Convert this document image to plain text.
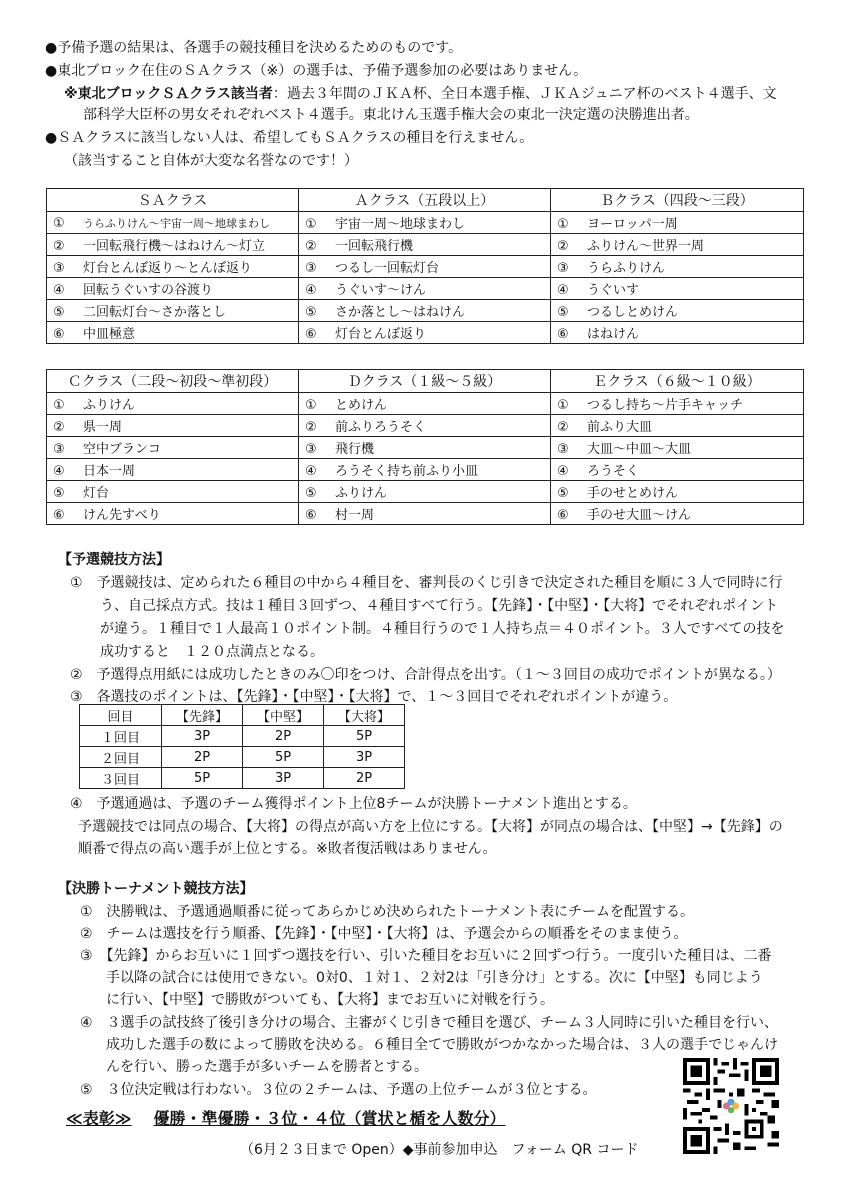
●予備予選の結果は、各選手の競技種目を決めるためのものです。
●東北ブロック在住のＳＡクラス（※）の選手は、予備予選参加の必要はありません。
※東北ブロックＳＡクラス該当者：過去３年間のＪＫＡ杯、全日本選手権、ＪＫＡジュニア杯のベスト４選手、文
部科学大臣杯の男女それぞれベスト４選手。東北けん玉選手権大会の東北一決定選の決勝進出者。
●ＳＡクラスに該当しない人は、希望してもＳＡクラスの種目を行えません。
（該当すること自体が大変な名誉なのです！）
ＳＡクラス	Ａクラス（五段以上）	Ｂクラス（四段～三段）
① うらふりけん～宇宙一周～地球まわし	① 宇宙一周～地球まわし	① ヨーロッパ一周
② 一回転飛行機～はねけん～灯立	② 一回転飛行機	② ふりけん～世界一周
③ 灯台とんぼ返り～とんぼ返り	③ つるし一回転灯台	③ うらふりけん
④ 回転うぐいすの谷渡り	④ うぐいす～けん	④ うぐいす
⑤ 二回転灯台～さか落とし	⑤ さか落とし～はねけん	⑤ つるしとめけん
⑥ 中皿極意	⑥ 灯台とんぼ返り	⑥ はねけん
Ｃクラス（二段～初段～準初段）	Ｄクラス（１級～５級）	Ｅクラス（６級～１０級）
① ふりけん	① とめけん	① つるし持ち～片手キャッチ
② 県一周	② 前ふりろうそく	② 前ふり大皿
③ 空中ブランコ	③ 飛行機	③ 大皿～中皿～大皿
④ 日本一周	④ ろうそく持ち前ふり小皿	④ ろうそく
⑤ 灯台	⑤ ふりけん	⑤ 手のせとめけん
⑥ けん先すべり	⑥ 村一周	⑥ 手のせ大皿～けん
【予選競技方法】
①　予選競技は、定められた６種目の中から４種目を、審判長のくじ引きで決定された種目を順に３人で同時に行
う、自己採点方式。技は１種目３回ずつ、４種目すべて行う。【先鋒】・【中堅】・【大将】でそれぞれポイント
が違う。１種目で１人最高１０ポイント制。４種目行うので１人持ち点＝４０ポイント。３人ですべての技を
成功すると　１２０点満点となる。
②　予選得点用紙には成功したときのみ〇印をつけ、合計得点を出す。（１～３回目の成功でポイントが異なる。）
③　各選技のポイントは、【先鋒】・【中堅】・【大将】で、１～３回目でそれぞれポイントが違う。
回目	【先鋒】	【中堅】	【大将】
１回目	3P	2P	5P
２回目	2P	5P	3P
３回目	5P	3P	2P
④　予選通過は、予選のチーム獲得ポイント上位8チームが決勝トーナメント進出とする。
予選競技では同点の場合、【大将】の得点が高い方を上位にする。【大将】が同点の場合は、【中堅】→【先鋒】の
順番で得点の高い選手が上位とする。※敗者復活戦はありません。
【決勝トーナメント競技方法】
①　決勝戦は、予選通過順番に従ってあらかじめ決められたトーナメント表にチームを配置する。
②　チームは選技を行う順番、【先鋒】・【中堅】・【大将】は、予選会からの順番をそのまま使う。
③　【先鋒】からお互いに１回ずつ選技を行い、引いた種目をお互いに２回ずつ行う。一度引いた種目は、二番
手以降の試合には使用できない。0対0、１対１、２対2は「引き分け」とする。次に【中堅】も同じよう
に行い、【中堅】で勝敗がついても、【大将】までお互いに対戦を行う。
④　３選手の試技終了後引き分けの場合、主審がくじ引きで種目を選び、チーム３人同時に引いた種目を行い、
成功した選手の数によって勝敗を決める。６種目全てで勝敗がつかなかった場合は、３人の選手でじゃんけ
んを行い、勝った選手が多いチームを勝者とする。
⑤　３位決定戦は行わない。３位の２チームは、予選の上位チームが３位とする。
≪表彰≫ 優勝・準優勝・３位・４位（賞状と楯を人数分）
（6月２３日まで Open）◆事前参加申込　フォーム QR コード
